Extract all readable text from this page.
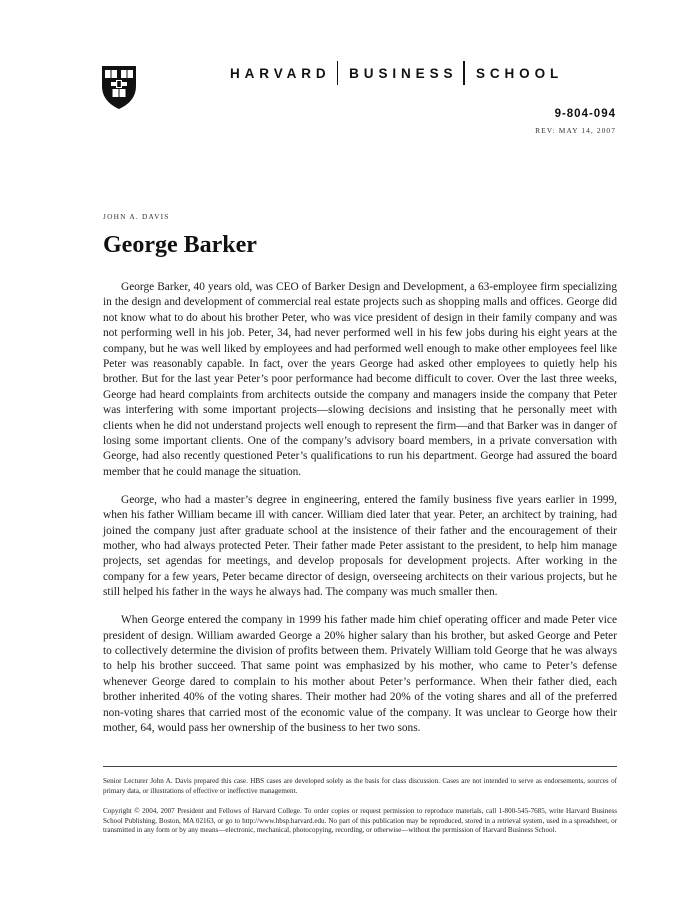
HARVARD BUSINESS SCHOOL
9-804-094
REV: MAY 14, 2007
JOHN A. DAVIS
George Barker

George Barker, 40 years old, was CEO of Barker Design and Development, a 63-employee firm specializing in the design and development of commercial real estate projects such as shopping malls and offices. George did not know what to do about his brother Peter, who was vice president of design in their family company and was not performing well in his job. Peter, 34, had never performed well in his few jobs during his eight years at the company, but he was well liked by employees and had performed well enough to make other employees feel like Peter was reasonably capable. In fact, over the years George had asked other employees to quietly help his brother. But for the last year Peter’s poor performance had become difficult to cover. Over the last three weeks, George had heard complaints from architects outside the company and managers inside the company that Peter was interfering with some important projects—slowing decisions and insisting that he personally meet with clients when he did not understand projects well enough to represent the firm—and that Barker was in danger of losing some important clients. One of the company’s advisory board members, in a private conversation with George, had also recently questioned Peter’s qualifications to run his department. George had assured the board member that he could manage the situation.

George, who had a master’s degree in engineering, entered the family business five years earlier in 1999, when his father William became ill with cancer. William died later that year. Peter, an architect by training, had joined the company just after graduate school at the insistence of their father and the encouragement of their mother, who had always protected Peter. Their father made Peter assistant to the president, to help him manage projects, set agendas for meetings, and develop proposals for development projects. After working in the company for a few years, Peter became director of design, overseeing architects on their various projects, but he still helped his father in the ways he always had. The company was much smaller then.

When George entered the company in 1999 his father made him chief operating officer and made Peter vice president of design. William awarded George a 20% higher salary than his brother, but asked George and Peter to collectively determine the division of profits between them. Privately William told George that he was always to help his brother succeed. That same point was emphasized by his mother, who came to Peter’s defense whenever George dared to complain to his mother about Peter’s performance. When their father died, each brother inherited 40% of the voting shares. Their mother had 20% of the voting shares and all of the preferred non-voting shares that carried most of the economic value of the company. It was unclear to George how their mother, 64, would pass her ownership of the business to her two sons.

Senior Lecturer John A. Davis prepared this case. HBS cases are developed solely as the basis for class discussion. Cases are not intended to serve as endorsements, sources of primary data, or illustrations of effective or ineffective management.

Copyright © 2004, 2007 President and Fellows of Harvard College. To order copies or request permission to reproduce materials, call 1-800-545-7685, write Harvard Business School Publishing, Boston, MA 02163, or go to http://www.hbsp.harvard.edu. No part of this publication may be reproduced, stored in a retrieval system, used in a spreadsheet, or transmitted in any form or by any means—electronic, mechanical, photocopying, recording, or otherwise—without the permission of Harvard Business School.
